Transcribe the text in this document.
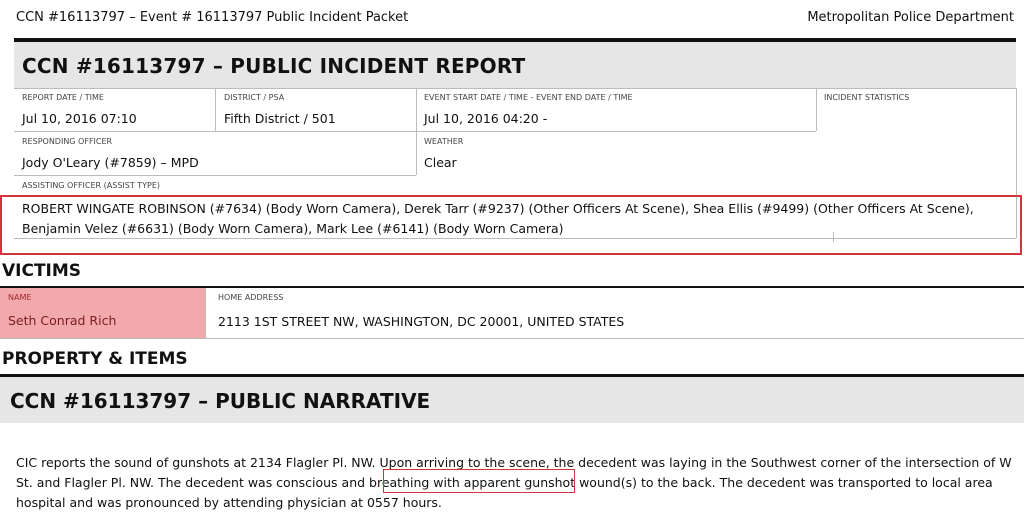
CCN #16113797 – Event # 16113797 Public Incident Packet	Metropolitan Police Department
CCN #16113797 – PUBLIC INCIDENT REPORT
REPORT DATE / TIME
Jul 10, 2016 07:10
DISTRICT / PSA
Fifth District / 501
EVENT START DATE / TIME - EVENT END DATE / TIME
Jul 10, 2016 04:20 -
INCIDENT STATISTICS
RESPONDING OFFICER
Jody O'Leary (#7859) – MPD
WEATHER
Clear
ASSISTING OFFICER (ASSIST TYPE)
ROBERT WINGATE ROBINSON (#7634) (Body Worn Camera), Derek Tarr (#9237) (Other Officers At Scene), Shea Ellis (#9499) (Other Officers At Scene), Benjamin Velez (#6631) (Body Worn Camera), Mark Lee (#6141) (Body Worn Camera)
VICTIMS
NAME
Seth Conrad Rich
HOME ADDRESS
2113 1ST STREET NW, WASHINGTON, DC 20001, UNITED STATES
PROPERTY & ITEMS
CCN #16113797 – PUBLIC NARRATIVE
CIC reports the sound of gunshots at 2134 Flagler Pl. NW. Upon arriving to the scene, the decedent was laying in the Southwest corner of the intersection of W St. and Flagler Pl. NW. The decedent was conscious and breathing with apparent gunshot wound(s) to the back. The decedent was transported to local area hospital and was pronounced by attending physician at 0557 hours.
